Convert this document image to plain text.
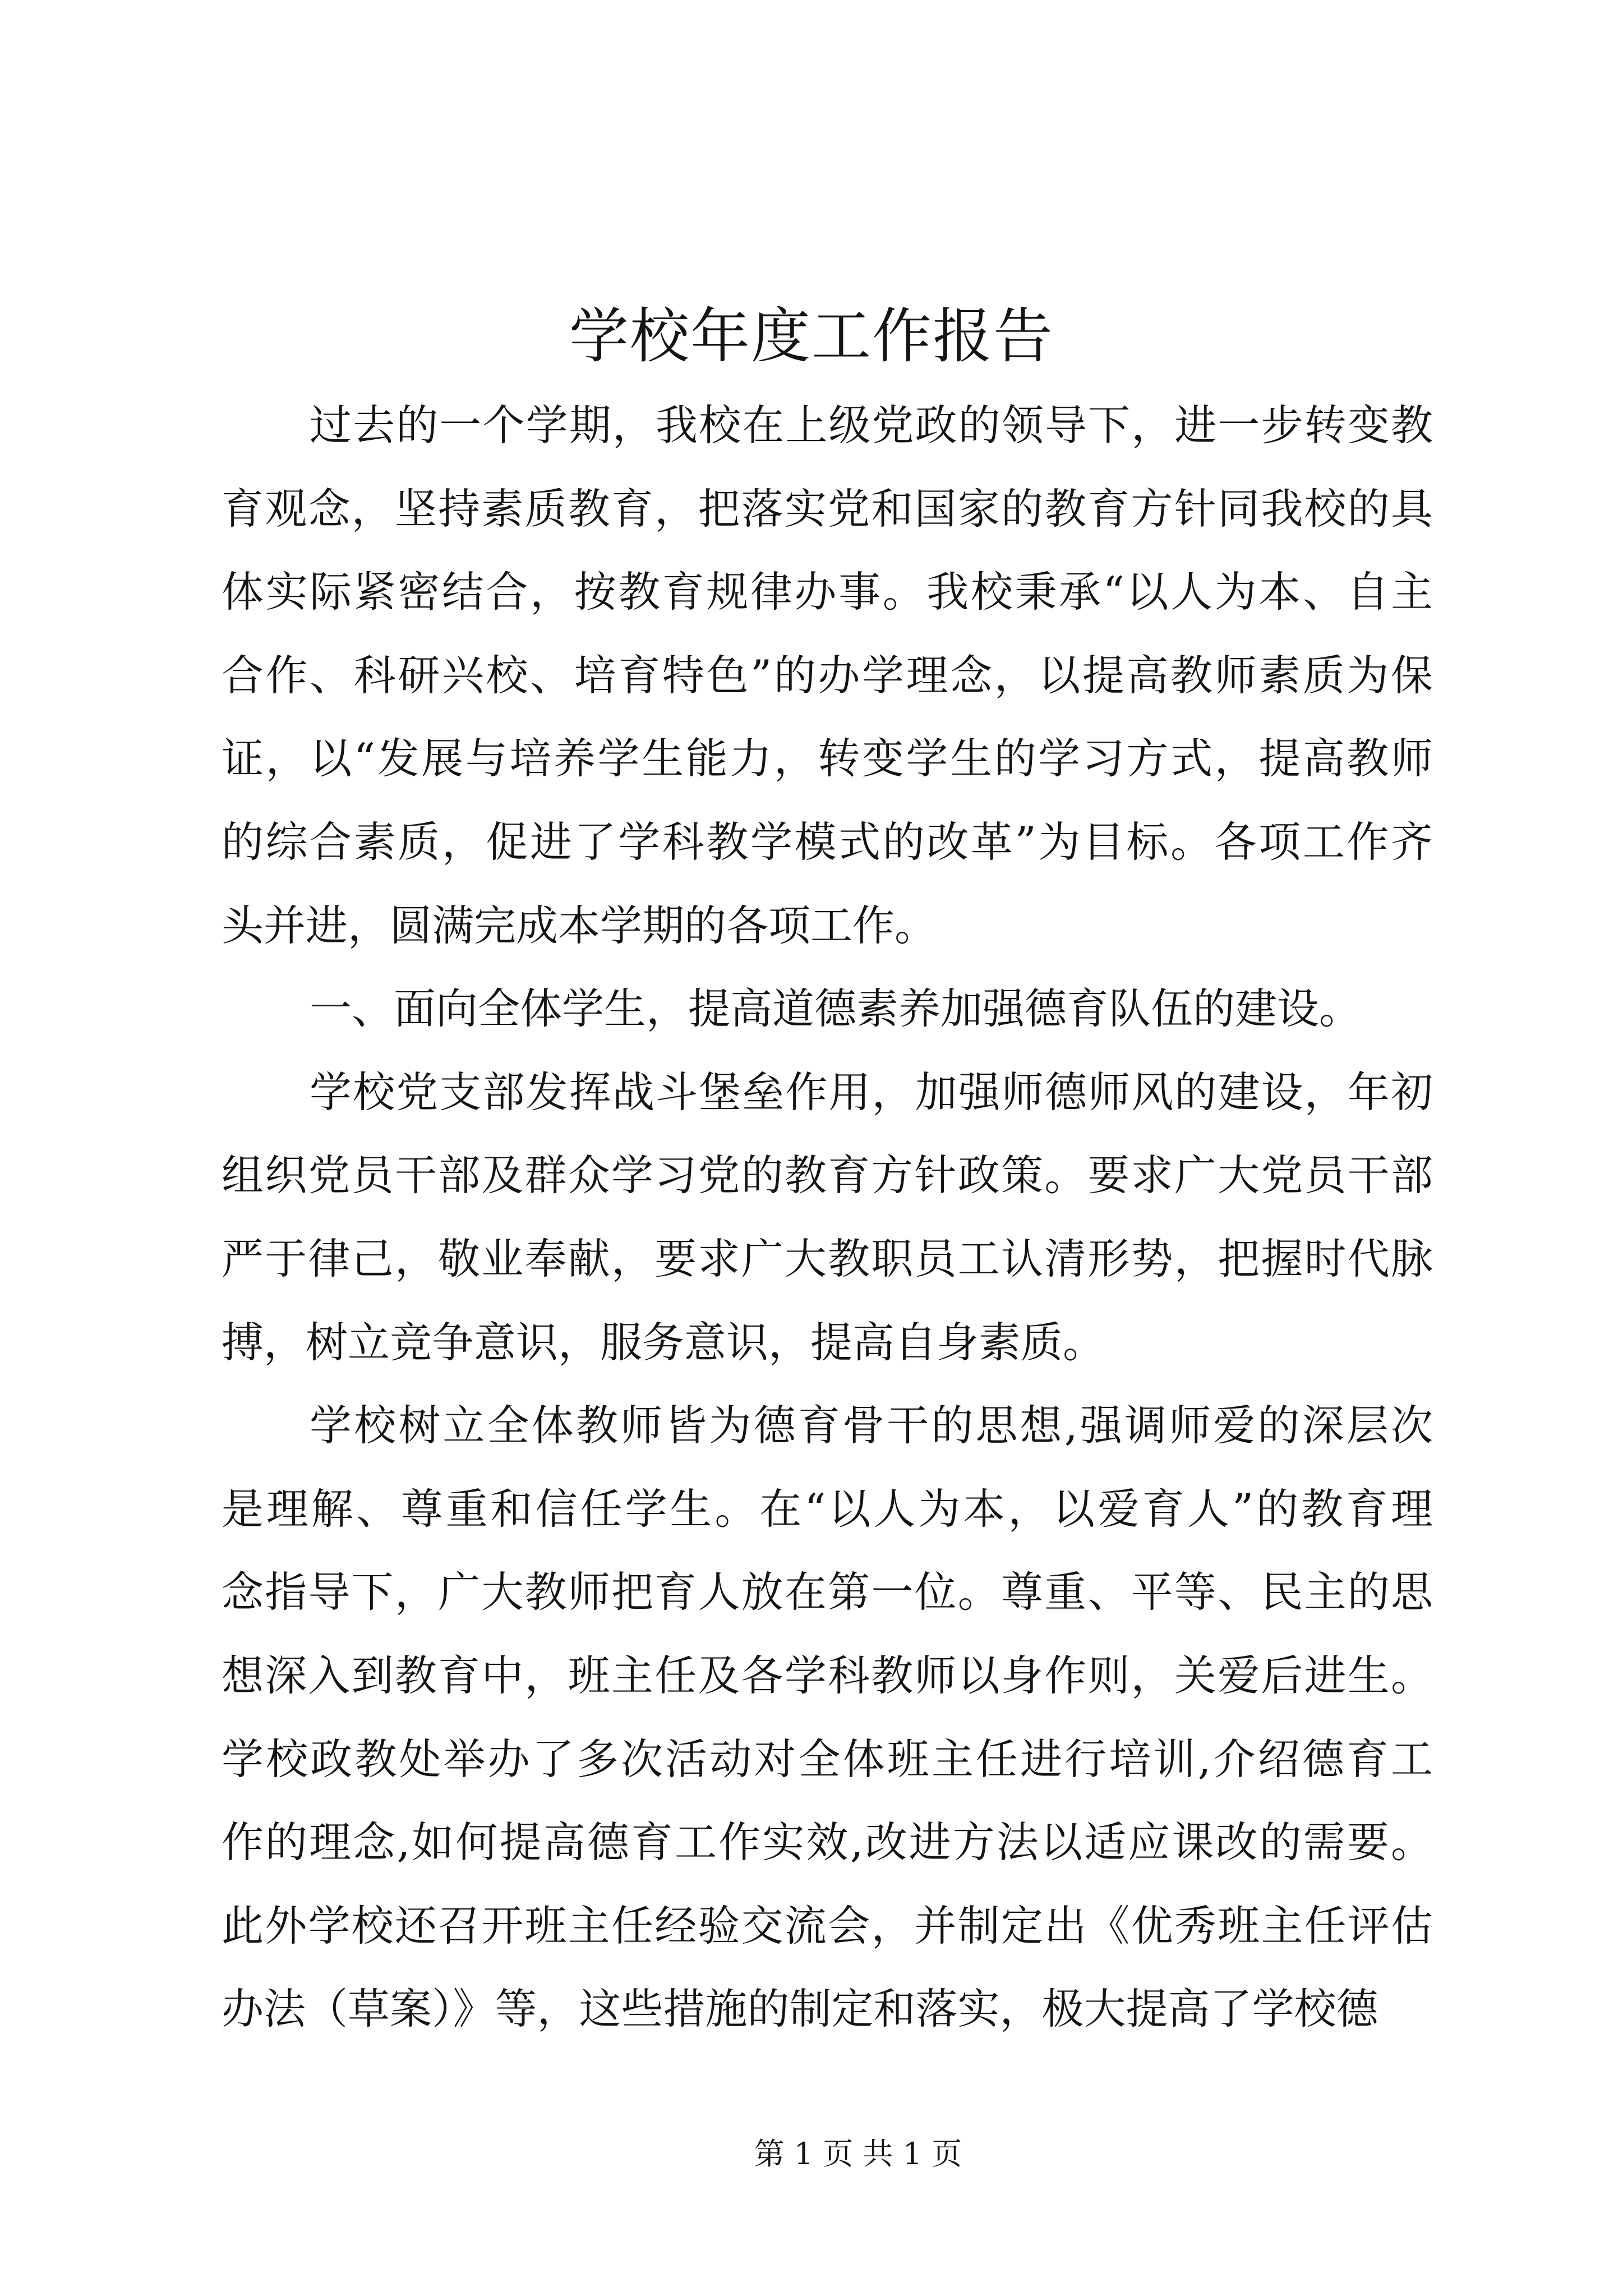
学校年度工作报告
过去的一个学期，我校在上级党政的领导下，进一步转变教
育观念，坚持素质教育，把落实党和国家的教育方针同我校的具
体实际紧密结合，按教育规律办事。我校秉承“以人为本、自主
合作、科研兴校、培育特色”的办学理念，以提高教师素质为保
证，以“发展与培养学生能力，转变学生的学习方式，提高教师
的综合素质，促进了学科教学模式的改革”为目标。各项工作齐
头并进，圆满完成本学期的各项工作。
一、面向全体学生，提高道德素养加强德育队伍的建设。
学校党支部发挥战斗堡垒作用，加强师德师风的建设，年初
组织党员干部及群众学习党的教育方针政策。要求广大党员干部
严于律己，敬业奉献，要求广大教职员工认清形势，把握时代脉
搏，树立竞争意识，服务意识，提高自身素质。
学校树立全体教师皆为德育骨干的思想,强调师爱的深层次
是理解、尊重和信任学生。在“以人为本，以爱育人”的教育理
念指导下，广大教师把育人放在第一位。尊重、平等、民主的思
想深入到教育中，班主任及各学科教师以身作则，关爱后进生。
学校政教处举办了多次活动对全体班主任进行培训,介绍德育工
作的理念,如何提高德育工作实效,改进方法以适应课改的需要。
此外学校还召开班主任经验交流会，并制定出《优秀班主任评估
办法（草案）》等，这些措施的制定和落实，极大提高了学校德
第 1 页 共 1 页
